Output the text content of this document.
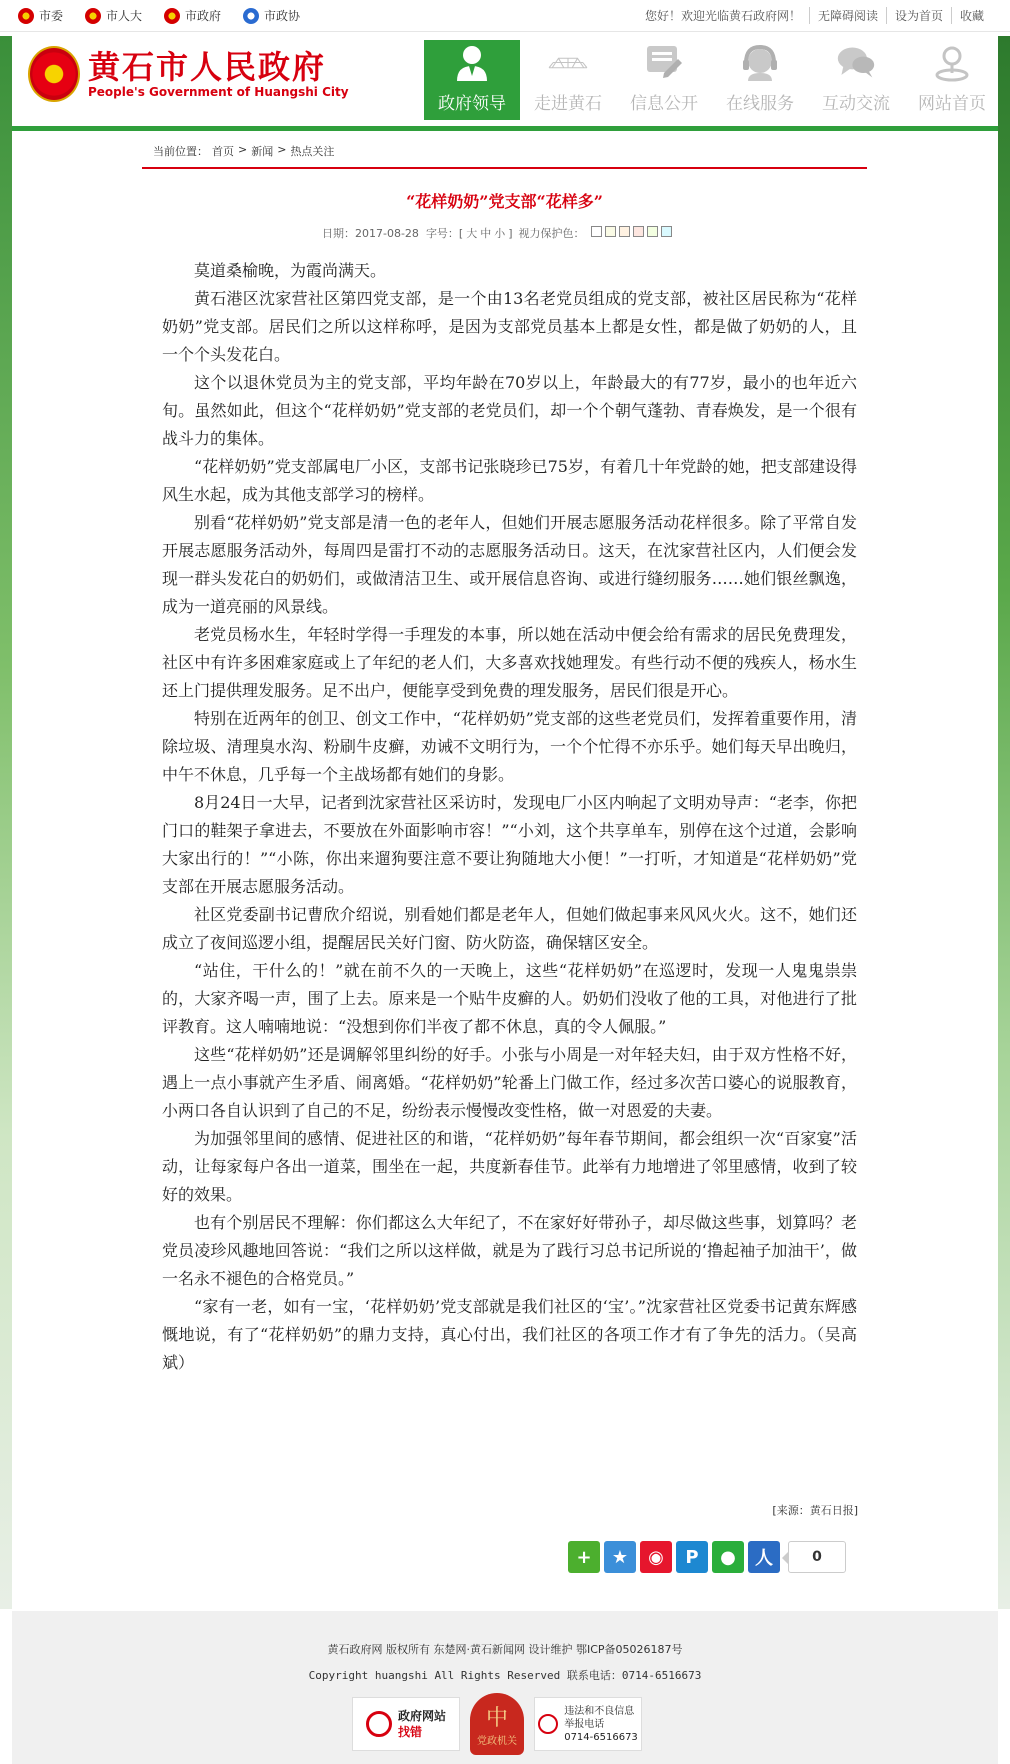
市委	市人大	市政府	市政协	您好！欢迎光临黄石政府网！	无障碍阅读	设为首页	收藏
黄石市人民政府
People's Government of Huangshi City
政府领导 走进黄石 信息公开 在线服务 互动交流 网站首页
当前位置： 首页 > 新闻 > 热点关注
“花样奶奶”党支部“花样多”
日期：2017-08-28 字号：[ 大 中 小 ] 视力保护色：

莫道桑榆晚，为霞尚满天。

黄石港区沈家营社区第四党支部，是一个由13名老党员组成的党支部，被社区居民称为“花样奶奶”党支部。居民们之所以这样称呼，是因为支部党员基本上都是女性，都是做了奶奶的人，且一个个头发花白。

这个以退休党员为主的党支部，平均年龄在70岁以上，年龄最大的有77岁，最小的也年近六旬。虽然如此，但这个“花样奶奶”党支部的老党员们，却一个个朝气蓬勃、青春焕发，是一个很有战斗力的集体。

“花样奶奶”党支部属电厂小区，支部书记张晓珍已75岁，有着几十年党龄的她，把支部建设得风生水起，成为其他支部学习的榜样。

别看“花样奶奶”党支部是清一色的老年人，但她们开展志愿服务活动花样很多。除了平常自发开展志愿服务活动外，每周四是雷打不动的志愿服务活动日。这天，在沈家营社区内，人们便会发现一群头发花白的奶奶们，或做清洁卫生、或开展信息咨询、或进行缝纫服务……她们银丝飘逸，成为一道亮丽的风景线。

老党员杨水生，年轻时学得一手理发的本事，所以她在活动中便会给有需求的居民免费理发，社区中有许多困难家庭或上了年纪的老人们，大多喜欢找她理发。有些行动不便的残疾人，杨水生还上门提供理发服务。足不出户，便能享受到免费的理发服务，居民们很是开心。

特别在近两年的创卫、创文工作中，“花样奶奶”党支部的这些老党员们，发挥着重要作用，清除垃圾、清理臭水沟、粉刷牛皮癣，劝诫不文明行为，一个个忙得不亦乐乎。她们每天早出晚归，中午不休息，几乎每一个主战场都有她们的身影。

8月24日一大早，记者到沈家营社区采访时，发现电厂小区内响起了文明劝导声：“老李，你把门口的鞋架子拿进去，不要放在外面影响市容！”“小刘，这个共享单车，别停在这个过道，会影响大家出行的！”“小陈，你出来遛狗要注意不要让狗随地大小便！”一打听，才知道是“花样奶奶”党支部在开展志愿服务活动。

社区党委副书记曹欣介绍说，别看她们都是老年人，但她们做起事来风风火火。这不，她们还成立了夜间巡逻小组，提醒居民关好门窗、防火防盗，确保辖区安全。

“站住，干什么的！”就在前不久的一天晚上，这些“花样奶奶”在巡逻时，发现一人鬼鬼祟祟的，大家齐喝一声，围了上去。原来是一个贴牛皮癣的人。奶奶们没收了他的工具，对他进行了批评教育。这人喃喃地说：“没想到你们半夜了都不休息，真的令人佩服。”

这些“花样奶奶”还是调解邻里纠纷的好手。小张与小周是一对年轻夫妇，由于双方性格不好，遇上一点小事就产生矛盾、闹离婚。“花样奶奶”轮番上门做工作，经过多次苦口婆心的说服教育，小两口各自认识到了自己的不足，纷纷表示慢慢改变性格，做一对恩爱的夫妻。

为加强邻里间的感情、促进社区的和谐，“花样奶奶”每年春节期间，都会组织一次“百家宴”活动，让每家每户各出一道菜，围坐在一起，共度新春佳节。此举有力地增进了邻里感情，收到了较好的效果。

也有个别居民不理解：你们都这么大年纪了，不在家好好带孙子，却尽做这些事，划算吗？老党员凌珍风趣地回答说：“我们之所以这样做，就是为了践行习总书记所说的‘撸起袖子加油干’，做一名永不褪色的合格党员。”

“家有一老，如有一宝，‘花样奶奶’党支部就是我们社区的‘宝’。”沈家营社区党委书记黄东辉感慨地说，有了“花样奶奶”的鼎力支持，真心付出，我们社区的各项工作才有了争先的活力。（吴高斌）

[来源：黄石日报]
+	★	◉	P	●	人	0
黄石政府网 版权所有 东楚网·黄石新闻网 设计维护 鄂ICP备05026187号
Copyright huangshi All Rights Reserved 联系电话：0714-6516673
政府网站
找错
中
党政机关
违法和不良信息
举报电话
0714-6516673
